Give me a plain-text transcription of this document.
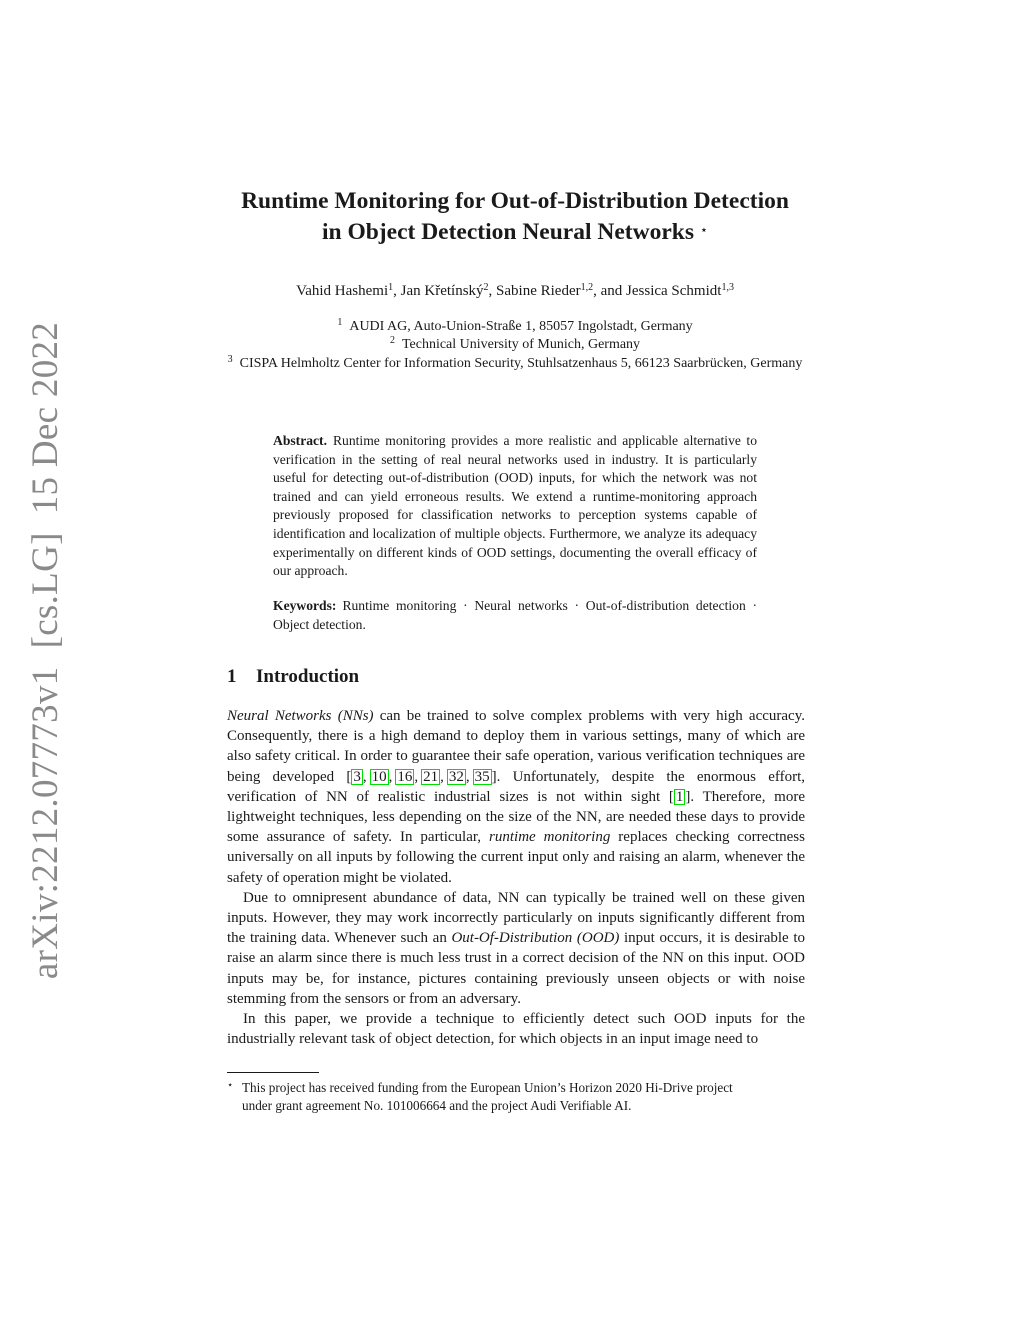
arXiv:2212.07773v1[cs.LG]15 Dec 2022
Runtime Monitoring for Out-of-Distribution Detection
in Object Detection Neural Networks ⋆
Vahid Hashemi$^1$, Jan Křetínský$^2$, Sabine Rieder$^{1,2}$, and Jessica Schmidt$^{1,3}$
$^1$ AUDI AG, Auto-Union-Straße 1, 85057 Ingolstadt, Germany
$^2$ Technical University of Munich, Germany
$^3$ CISPA Helmholtz Center for Information Security, Stuhlsatzenhaus 5, 66123 Saarbrücken, Germany
Abstract. Runtime monitoring provides a more realistic and applicable alternative to verification in the setting of real neural networks used in industry. It is particularly useful for detecting out-of-distribution (OOD) inputs, for which the network was not trained and can yield erroneous results. We extend a runtime-monitoring approach previously proposed for classification networks to perception systems capable of identification and localization of multiple objects. Furthermore, we analyze its adequacy experimentally on different kinds of OOD settings, documenting the overall efficacy of our approach.
Keywords: Runtime monitoring · Neural networks · Out-of-distribution detection · Object detection.
1 Introduction

Neural Networks (NNs) can be trained to solve complex problems with very high accuracy. Consequently, there is a high demand to deploy them in various settings, many of which are also safety critical. In order to guarantee their safe operation, various verification techniques are being developed [ 3 , 10 , 16 , 21 , 32 , 35 ]. Unfortunately, despite the enormous effort, verification of NN of realistic industrial sizes is not within sight [ 1 ]. Therefore, more lightweight techniques, less depending on the size of the NN, are needed these days to provide some assurance of safety. In particular, runtime monitoring replaces checking correctness universally on all inputs by following the current input only and raising an alarm, whenever the safety of operation might be violated.

Due to omnipresent abundance of data, NN can typically be trained well on these given inputs. However, they may work incorrectly particularly on inputs significantly different from the training data. Whenever such an Out-Of-Distribution (OOD) input occurs, it is desirable to raise an alarm since there is much less trust in a correct decision of the NN on this input. OOD inputs may be, for instance, pictures containing previously unseen objects or with noise stemming from the sensors or from an adversary.

In this paper, we provide a technique to efficiently detect such OOD inputs for the industrially relevant task of object detection, for which objects in an input image need to

⋆ This project has received funding from the European Union’s Horizon 2020 Hi-Drive project
under grant agreement No. 101006664 and the project Audi Verifiable AI.
